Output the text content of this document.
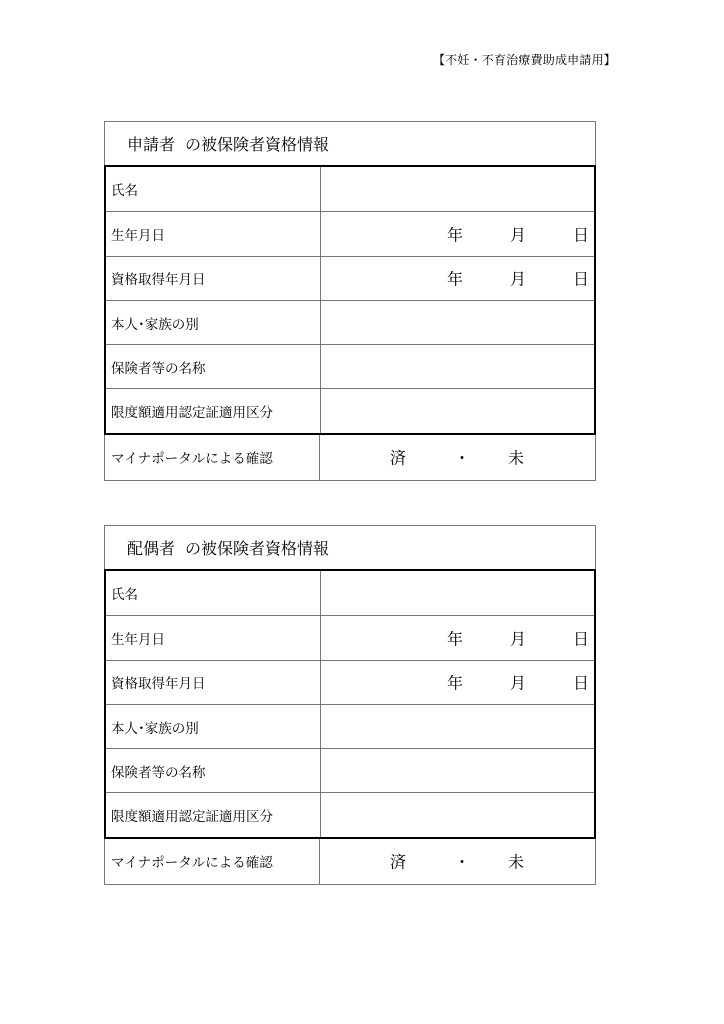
【不妊・不育治療費助成申請用】
申請者 の被保険者資格情報
氏名
生年月日	年	月	日
資格取得年月日	年	月	日
本人･家族の別
保険者等の名称
限度額適用認定証適用区分
マイナポータルによる確認	済	・ 未
配偶者 の被保険者資格情報
氏名
生年月日	年	月	日
資格取得年月日	年	月	日
本人･家族の別
保険者等の名称
限度額適用認定証適用区分
マイナポータルによる確認	済	・ 未
